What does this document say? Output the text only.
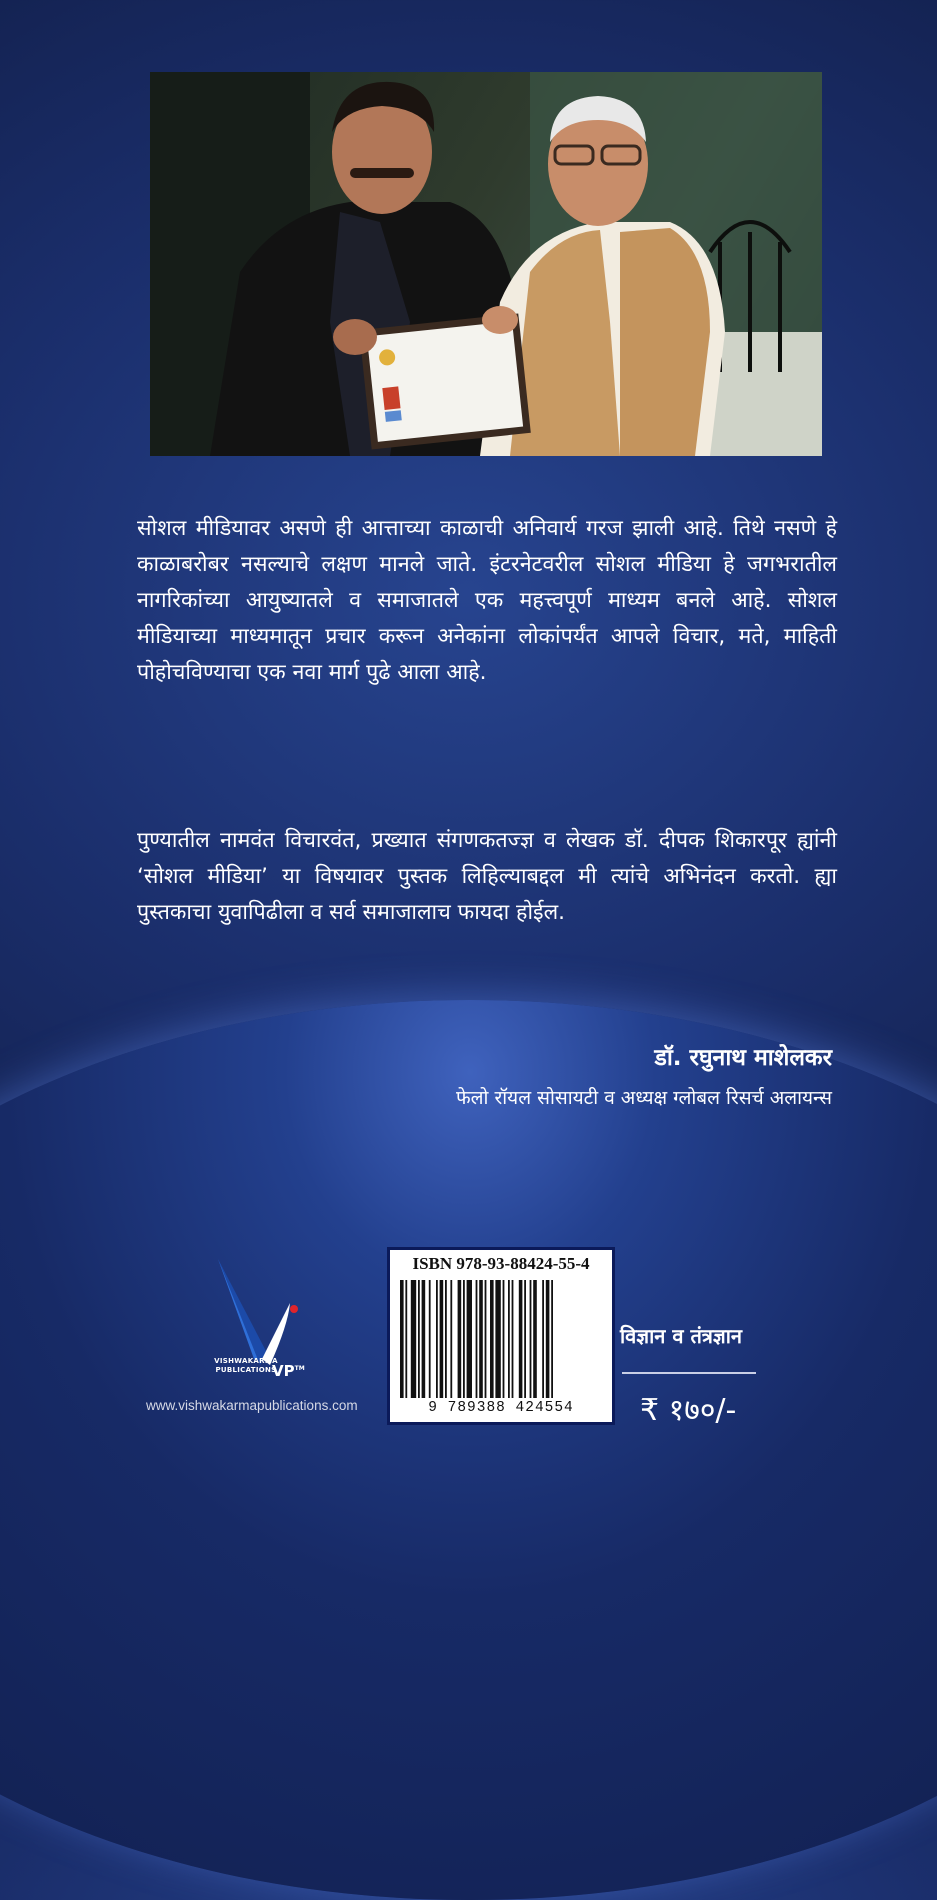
सोशल मीडियावर असणे ही आत्ताच्या काळाची अनिवार्य गरज झाली आहे. तिथे नसणे हे काळाबरोबर नसल्याचे लक्षण मानले जाते. इंटरनेटवरील सोशल मीडिया हे जगभरातील नागरिकांच्या आयुष्यातले व समाजातले एक महत्त्वपूर्ण माध्यम बनले आहे. सोशल मीडियाच्या माध्यमातून प्रचार करून अनेकांना लोकांपर्यंत आपले विचार, मते, माहिती पोहोचविण्याचा एक नवा मार्ग पुढे आला आहे.
पुण्यातील नामवंत विचारवंत, प्रख्यात संगणकतज्ज्ञ व लेखक डॉ. दीपक शिकारपूर ह्यांनी ‘सोशल मीडिया’ या विषयावर पुस्तक लिहिल्याबद्दल मी त्यांचे अभिनंदन करतो. ह्या पुस्तकाचा युवापिढीला व सर्व समाजालाच फायदा होईल.
डॉ. रघुनाथ माशेलकर
फेलो रॉयल सोसायटी व अध्यक्ष ग्लोबल रिसर्च अलायन्स
VISHWAKARMA
PUBLICATIONS
VP™
www.vishwakarmapublications.com
ISBN 978-93-88424-55-4
9 789388 424554
विज्ञान व तंत्रज्ञान
₹ १७०/-
